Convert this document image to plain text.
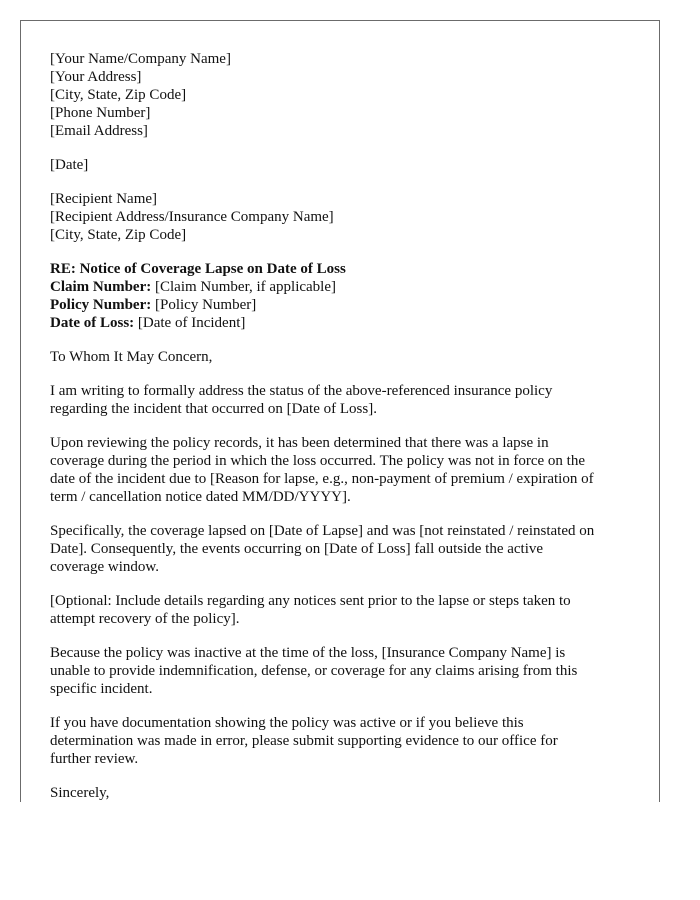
[Your Name/Company Name]
[Your Address]
[City, State, Zip Code]
[Phone Number]
[Email Address]
[Date]
[Recipient Name]
[Recipient Address/Insurance Company Name]
[City, State, Zip Code]
RE: Notice of Coverage Lapse on Date of Loss
Claim Number: [Claim Number, if applicable]
Policy Number: [Policy Number]
Date of Loss: [Date of Incident]

To Whom It May Concern,

I am writing to formally address the status of the above-referenced insurance policy
regarding the incident that occurred on [Date of Loss].

Upon reviewing the policy records, it has been determined that there was a lapse in
coverage during the period in which the loss occurred. The policy was not in force on the
date of the incident due to [Reason for lapse, e.g., non-payment of premium / expiration of
term / cancellation notice dated MM/DD/YYYY].

Specifically, the coverage lapsed on [Date of Lapse] and was [not reinstated / reinstated on
Date]. Consequently, the events occurring on [Date of Loss] fall outside the active
coverage window.

[Optional: Include details regarding any notices sent prior to the lapse or steps taken to
attempt recovery of the policy].

Because the policy was inactive at the time of the loss, [Insurance Company Name] is
unable to provide indemnification, defense, or coverage for any claims arising from this
specific incident.

If you have documentation showing the policy was active or if you believe this
determination was made in error, please submit supporting evidence to our office for
further review.

Sincerely,
